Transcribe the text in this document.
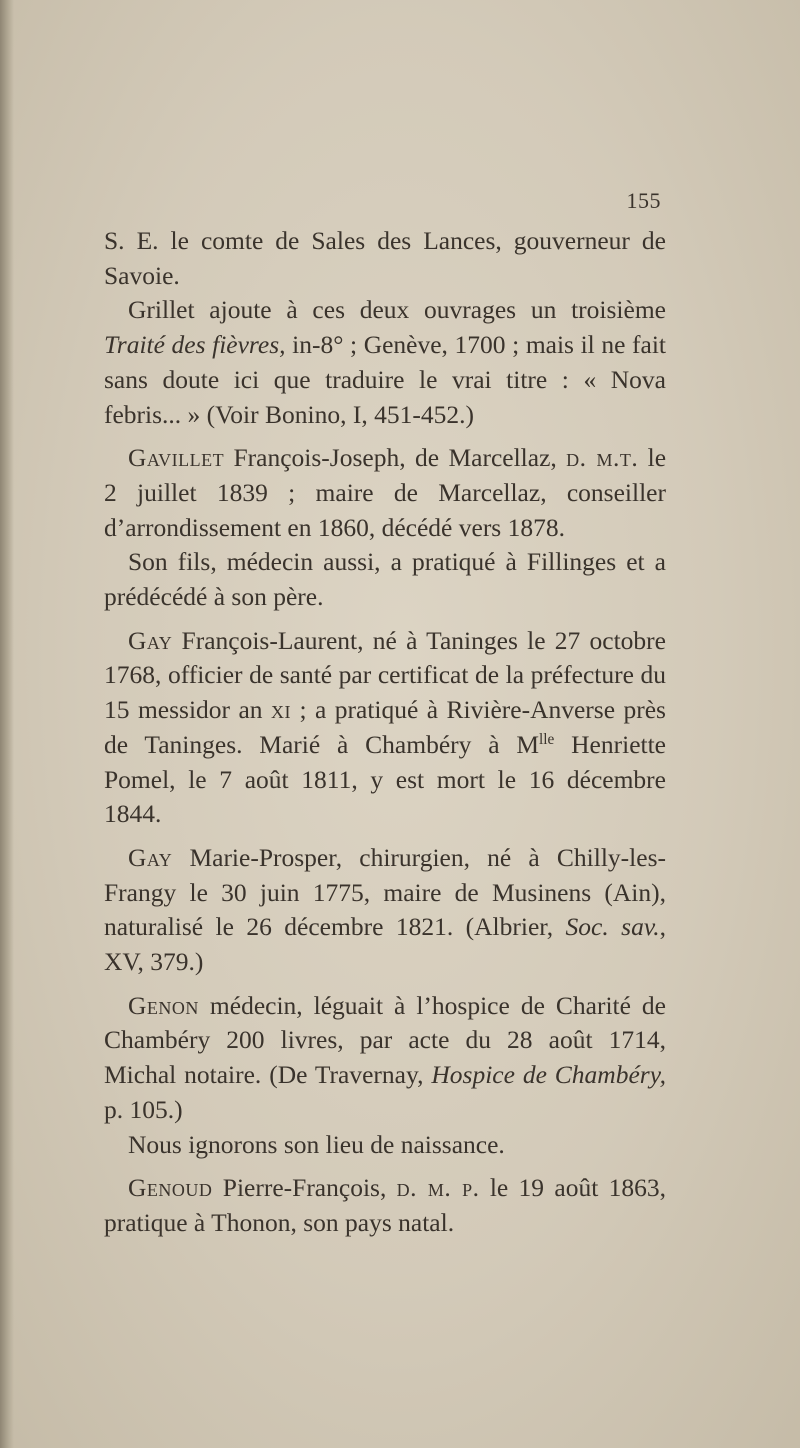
155

S. E. le comte de Sales des Lances, gouverneur de Savoie.

Grillet ajoute à ces deux ouvrages un troisième Traité des fièvres, in-8° ; Genève, 1700 ; mais il ne fait sans doute ici que traduire le vrai titre : « Nova febris... » (Voir Bonino, I, 451-452.)

Gavillet François-Joseph, de Marcellaz, d. m.t. le 2 juillet 1839 ; maire de Marcellaz, conseiller d’arrondissement en 1860, décédé vers 1878.

Son fils, médecin aussi, a pratiqué à Fillinges et a prédécédé à son père.

Gay François-Laurent, né à Taninges le 27 octobre 1768, officier de santé par certificat de la préfecture du 15 messidor an xi ; a pratiqué à Rivière-Anverse près de Taninges. Marié à Chambéry à $M^{lle}$ Henriette Pomel, le 7 août 1811, y est mort le 16 décembre 1844.

Gay Marie-Prosper, chirurgien, né à Chilly-les-Frangy le 30 juin 1775, maire de Musinens (Ain), naturalisé le 26 décembre 1821. (Albrier, Soc. sav., XV, 379.)

Genon médecin, léguait à l’hospice de Charité de Chambéry 200 livres, par acte du 28 août 1714, Michal notaire. (De Travernay, Hospice de Chambéry, p. 105.)

Nous ignorons son lieu de naissance.

Genoud Pierre-François, d. m. p. le 19 août 1863, pratique à Thonon, son pays natal.
